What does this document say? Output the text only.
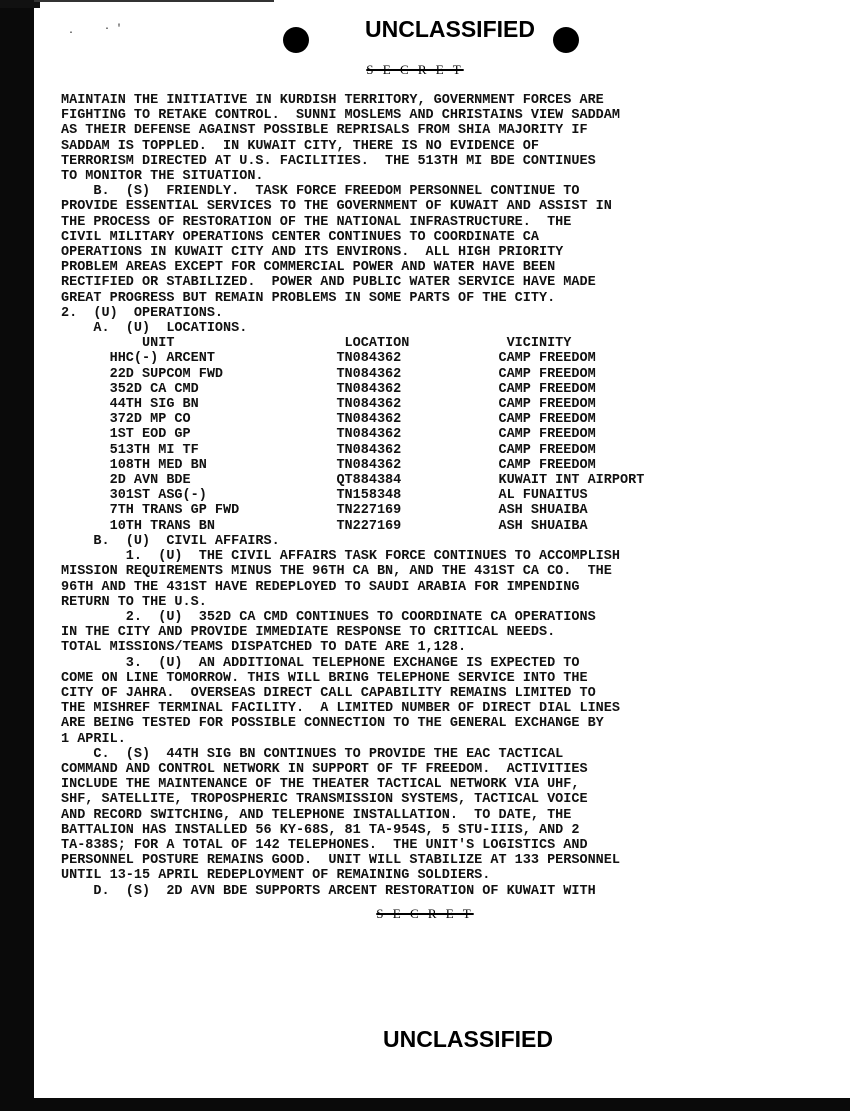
·	· '	UNCLASSIFIED
S E C R E T
MAINTAIN THE INITIATIVE IN KURDISH TERRITORY, GOVERNMENT FORCES ARE
FIGHTING TO RETAKE CONTROL.  SUNNI MOSLEMS AND CHRISTAINS VIEW SADDAM
AS THEIR DEFENSE AGAINST POSSIBLE REPRISALS FROM SHIA MAJORITY IF
SADDAM IS TOPPLED.  IN KUWAIT CITY, THERE IS NO EVIDENCE OF
TERRORISM DIRECTED AT U.S. FACILITIES.  THE 513TH MI BDE CONTINUES
TO MONITOR THE SITUATION.
B.  (S)  FRIENDLY.  TASK FORCE FREEDOM PERSONNEL CONTINUE TO
PROVIDE ESSENTIAL SERVICES TO THE GOVERNMENT OF KUWAIT AND ASSIST IN
THE PROCESS OF RESTORATION OF THE NATIONAL INFRASTRUCTURE.  THE
CIVIL MILITARY OPERATIONS CENTER CONTINUES TO COORDINATE CA
OPERATIONS IN KUWAIT CITY AND ITS ENVIRONS.  ALL HIGH PRIORITY
PROBLEM AREAS EXCEPT FOR COMMERCIAL POWER AND WATER HAVE BEEN
RECTIFIED OR STABILIZED.  POWER AND PUBLIC WATER SERVICE HAVE MADE
GREAT PROGRESS BUT REMAIN PROBLEMS IN SOME PARTS OF THE CITY.
2.  (U)  OPERATIONS.
A.  (U)  LOCATIONS.
UNIT                     LOCATION            VICINITY
HHC(-) ARCENT               TN084362            CAMP FREEDOM
22D SUPCOM FWD              TN084362            CAMP FREEDOM
352D CA CMD                 TN084362            CAMP FREEDOM
44TH SIG BN                 TN084362            CAMP FREEDOM
372D MP CO                  TN084362            CAMP FREEDOM
1ST EOD GP                  TN084362            CAMP FREEDOM
513TH MI TF                 TN084362            CAMP FREEDOM
108TH MED BN                TN084362            CAMP FREEDOM
2D AVN BDE                  QT884384            KUWAIT INT AIRPORT
301ST ASG(-)                TN158348            AL FUNAITUS
7TH TRANS GP FWD            TN227169            ASH SHUAIBA
10TH TRANS BN               TN227169            ASH SHUAIBA
B.  (U)  CIVIL AFFAIRS.
1.  (U)  THE CIVIL AFFAIRS TASK FORCE CONTINUES TO ACCOMPLISH
MISSION REQUIREMENTS MINUS THE 96TH CA BN, AND THE 431ST CA CO.  THE
96TH AND THE 431ST HAVE REDEPLOYED TO SAUDI ARABIA FOR IMPENDING
RETURN TO THE U.S.
2.  (U)  352D CA CMD CONTINUES TO COORDINATE CA OPERATIONS
IN THE CITY AND PROVIDE IMMEDIATE RESPONSE TO CRITICAL NEEDS.
TOTAL MISSIONS/TEAMS DISPATCHED TO DATE ARE 1,128.
3.  (U)  AN ADDITIONAL TELEPHONE EXCHANGE IS EXPECTED TO
COME ON LINE TOMORROW. THIS WILL BRING TELEPHONE SERVICE INTO THE
CITY OF JAHRA.  OVERSEAS DIRECT CALL CAPABILITY REMAINS LIMITED TO
THE MISHREF TERMINAL FACILITY.  A LIMITED NUMBER OF DIRECT DIAL LINES
ARE BEING TESTED FOR POSSIBLE CONNECTION TO THE GENERAL EXCHANGE BY
1 APRIL.
C.  (S)  44TH SIG BN CONTINUES TO PROVIDE THE EAC TACTICAL
COMMAND AND CONTROL NETWORK IN SUPPORT OF TF FREEDOM.  ACTIVITIES
INCLUDE THE MAINTENANCE OF THE THEATER TACTICAL NETWORK VIA UHF,
SHF, SATELLITE, TROPOSPHERIC TRANSMISSION SYSTEMS, TACTICAL VOICE
AND RECORD SWITCHING, AND TELEPHONE INSTALLATION.  TO DATE, THE
BATTALION HAS INSTALLED 56 KY-68S, 81 TA-954S, 5 STU-IIIS, AND 2
TA-838S; FOR A TOTAL OF 142 TELEPHONES.  THE UNIT'S LOGISTICS AND
PERSONNEL POSTURE REMAINS GOOD.  UNIT WILL STABILIZE AT 133 PERSONNEL
UNTIL 13-15 APRIL REDEPLOYMENT OF REMAINING SOLDIERS.
D.  (S)  2D AVN BDE SUPPORTS ARCENT RESTORATION OF KUWAIT WITH
S E C R E T
UNCLASSIFIED
